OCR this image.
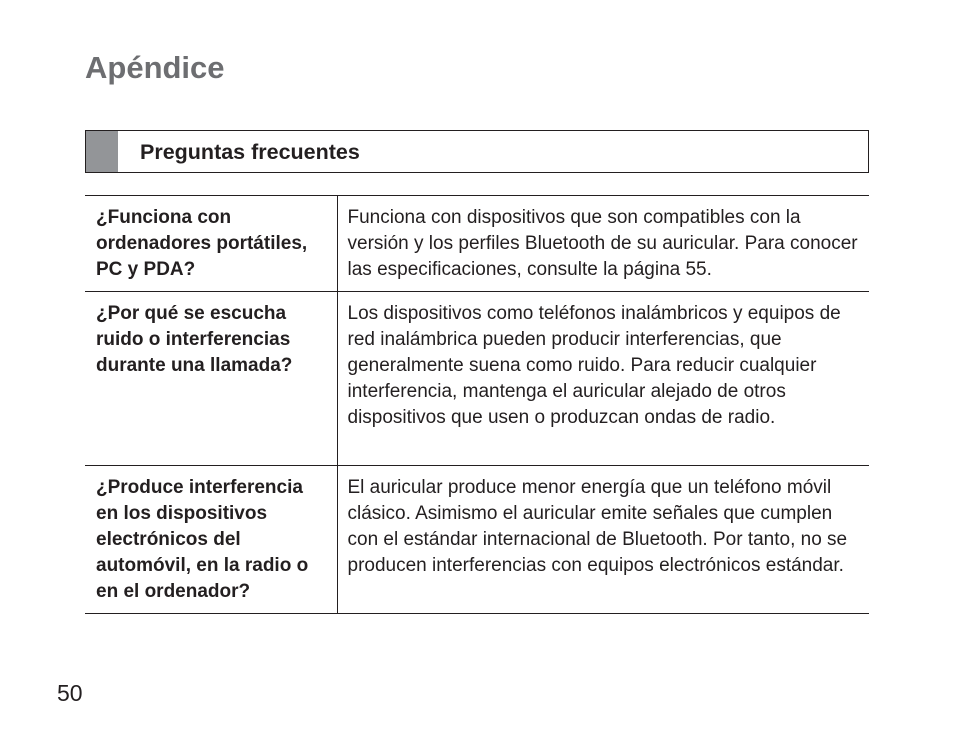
Apéndice
Preguntas frecuentes
¿Funciona con ordenadores portátiles, PC y PDA?	Funciona con dispositivos que son compatibles con la versión y los perfiles Bluetooth de su auricular. Para conocer las especificaciones, consulte la página 55.
¿Por qué se escucha ruido o interferencias durante una llamada?	Los dispositivos como teléfonos inalámbricos y equipos de red inalámbrica pueden producir interferencias, que generalmente suena como ruido. Para reducir cualquier interferencia, mantenga el auricular alejado de otros dispositivos que usen o produzcan ondas de radio.
¿Produce interferencia en los dispositivos electrónicos del automóvil, en la radio o en el ordenador?	El auricular produce menor energía que un teléfono móvil clásico. Asimismo el auricular emite señales que cumplen con el estándar internacional de Bluetooth. Por tanto, no se producen interferencias con equipos electrónicos estándar.
50
